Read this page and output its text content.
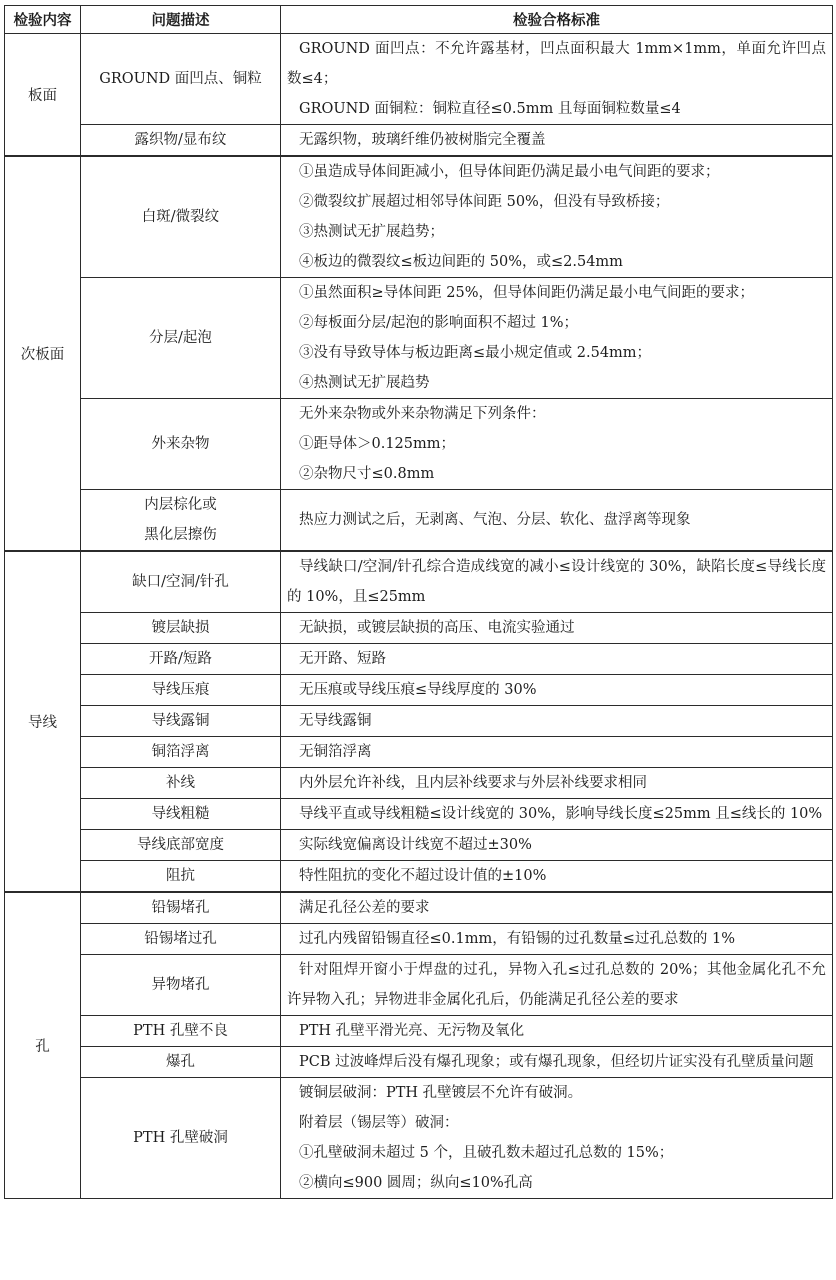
检验内容	问题描述	检验合格标准
板面	GROUND 面凹点、铜粒	GROUND 面凹点：不允许露基材，凹点面积最大 1mm×1mm，单面允许凹点数≤4；
GROUND 面铜粒：铜粒直径≤0.5mm 且每面铜粒数量≤4

	露织物/显布纹	无露织物，玻璃纤维仍被树脂完全覆盖

次板面	白斑/微裂纹	①虽造成导体间距减小，但导体间距仍满足最小电气间距的要求；
②微裂纹扩展超过相邻导体间距 50%，但没有导致桥接；
③热测试无扩展趋势；
④板边的微裂纹≤板边间距的 50%，或≤2.54mm

	分层/起泡	①虽然面积≥导体间距 25%，但导体间距仍满足最小电气间距的要求；
②每板面分层/起泡的影响面积不超过 1%；
③没有导致导体与板边距离≤最小规定值或 2.54mm；
④热测试无扩展趋势

	外来杂物	无外来杂物或外来杂物满足下列条件：
①距导体＞0.125mm；
②杂物尺寸≤0.8mm

	内层棕化或
黑化层擦伤	热应力测试之后，无剥离、气泡、分层、软化、盘浮离等现象

导线	缺口/空洞/针孔	导线缺口/空洞/针孔综合造成线宽的减小≤设计线宽的 30%，缺陷长度≤导线长度的 10%，且≤25mm

	镀层缺损	无缺损，或镀层缺损的高压、电流实验通过

	开路/短路	无开路、短路

	导线压痕	无压痕或导线压痕≤导线厚度的 30%

	导线露铜	无导线露铜

	铜箔浮离	无铜箔浮离

	补线	内外层允许补线，且内层补线要求与外层补线要求相同

	导线粗糙	导线平直或导线粗糙≤设计线宽的 30%，影响导线长度≤25mm 且≤线长的 10%

	导线底部宽度	实际线宽偏离设计线宽不超过±30%

	阻抗	特性阻抗的变化不超过设计值的±10%

孔	铅锡堵孔	满足孔径公差的要求

	铅锡堵过孔	过孔内残留铅锡直径≤0.1mm，有铅锡的过孔数量≤过孔总数的 1%

	异物堵孔	针对阻焊开窗小于焊盘的过孔，异物入孔≤过孔总数的 20%；其他金属化孔不允许异物入孔；异物进非金属化孔后，仍能满足孔径公差的要求

	PTH 孔壁不良	PTH 孔壁平滑光亮、无污物及氧化

	爆孔	PCB 过波峰焊后没有爆孔现象；或有爆孔现象，但经切片证实没有孔壁质量问题

	PTH 孔壁破洞	镀铜层破洞：PTH 孔壁镀层不允许有破洞。
附着层（锡层等）破洞：
①孔壁破洞未超过 5 个，且破孔数未超过孔总数的 15%；
②横向≤900 圆周；纵向≤10%孔高
